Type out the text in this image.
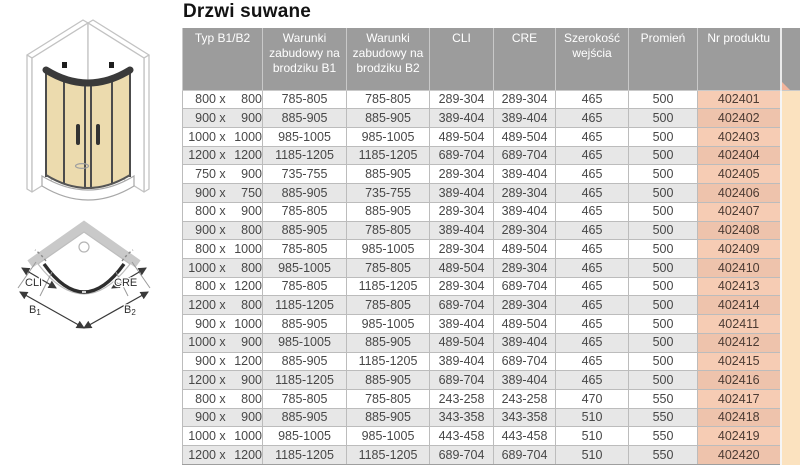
CLI	CRE
B1	B2
Drzwi suwane
Typ B1/B2	Warunki zabudowy na brodziku B1	Warunki zabudowy na brodziku B2	CLI	CRE	Szerokość wejścia	Promień	Nr produktu	

800 x 800	785-805	785-805	289-304	289-304	465	500	402401	
900 x 900	885-905	885-905	389-404	389-404	465	500	402402	
1000 x 1000	985-1005	985-1005	489-504	489-504	465	500	402403	
1200 x 1200	1185-1205	1185-1205	689-704	689-704	465	500	402404	
750 x 900	735-755	885-905	289-304	389-404	465	500	402405	
900 x 750	885-905	735-755	389-404	289-304	465	500	402406	
800 x 900	785-805	885-905	289-304	389-404	465	500	402407	
900 x 800	885-905	785-805	389-404	289-304	465	500	402408	
800 x 1000	785-805	985-1005	289-304	489-504	465	500	402409	
1000 x 800	985-1005	785-805	489-504	289-304	465	500	402410	
800 x 1200	785-805	1185-1205	289-304	689-704	465	500	402413	
1200 x 800	1185-1205	785-805	689-704	289-304	465	500	402414	
900 x 1000	885-905	985-1005	389-404	489-504	465	500	402411	
1000 x 900	985-1005	885-905	489-504	389-404	465	500	402412	
900 x 1200	885-905	1185-1205	389-404	689-704	465	500	402415	
1200 x 900	1185-1205	885-905	689-704	389-404	465	500	402416	
800 x 800	785-805	785-805	243-258	243-258	470	550	402417	
900 x 900	885-905	885-905	343-358	343-358	510	550	402418	
1000 x 1000	985-1005	985-1005	443-458	443-458	510	550	402419	
1200 x 1200	1185-1205	1185-1205	689-704	689-704	510	550	402420	
